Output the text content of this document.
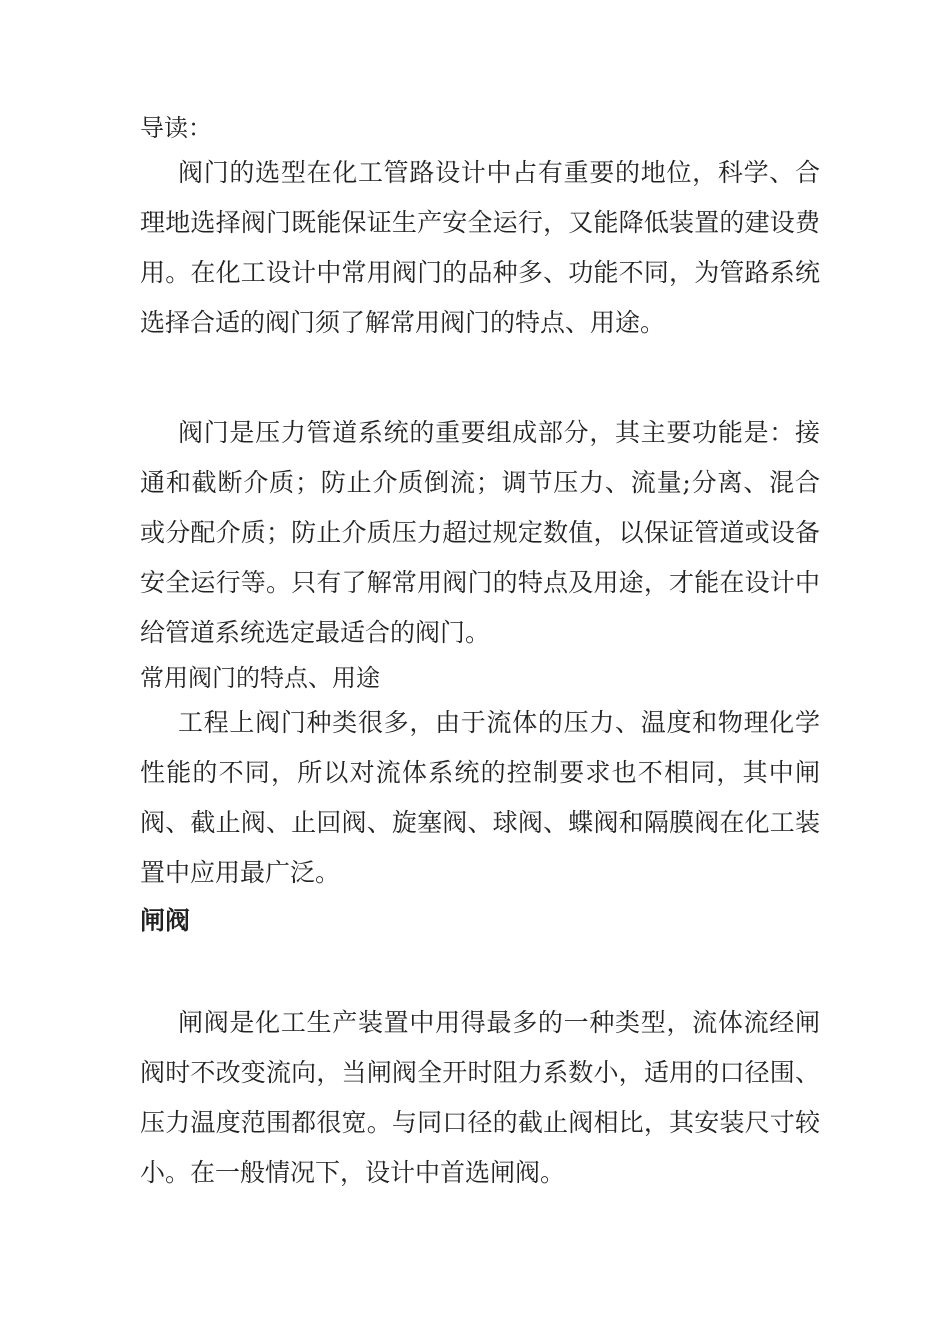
导读：

阀门的选型在化工管路设计中占有重要的地位，科学、合理地选择阀门既能保证生产安全运行，又能降低装置的建设费用。在化工设计中常用阀门的品种多、功能不同，为管路系统选择合适的阀门须了解常用阀门的特点、用途。

阀门是压力管道系统的重要组成部分，其主要功能是：接通和截断介质；防止介质倒流；调节压力、流量;分离、混合或分配介质；防止介质压力超过规定数值，以保证管道或设备安全运行等。只有了解常用阀门的特点及用途，才能在设计中给管道系统选定最适合的阀门。

常用阀门的特点、用途

工程上阀门种类很多，由于流体的压力、温度和物理化学性能的不同，所以对流体系统的控制要求也不相同，其中闸阀、截止阀、止回阀、旋塞阀、球阀、蝶阀和隔膜阀在化工装置中应用最广泛。

闸阀

闸阀是化工生产装置中用得最多的一种类型，流体流经闸阀时不改变流向，当闸阀全开时阻力系数小，适用的口径围、压力温度范围都很宽。与同口径的截止阀相比，其安装尺寸较小。在一般情况下，设计中首选闸阀。
